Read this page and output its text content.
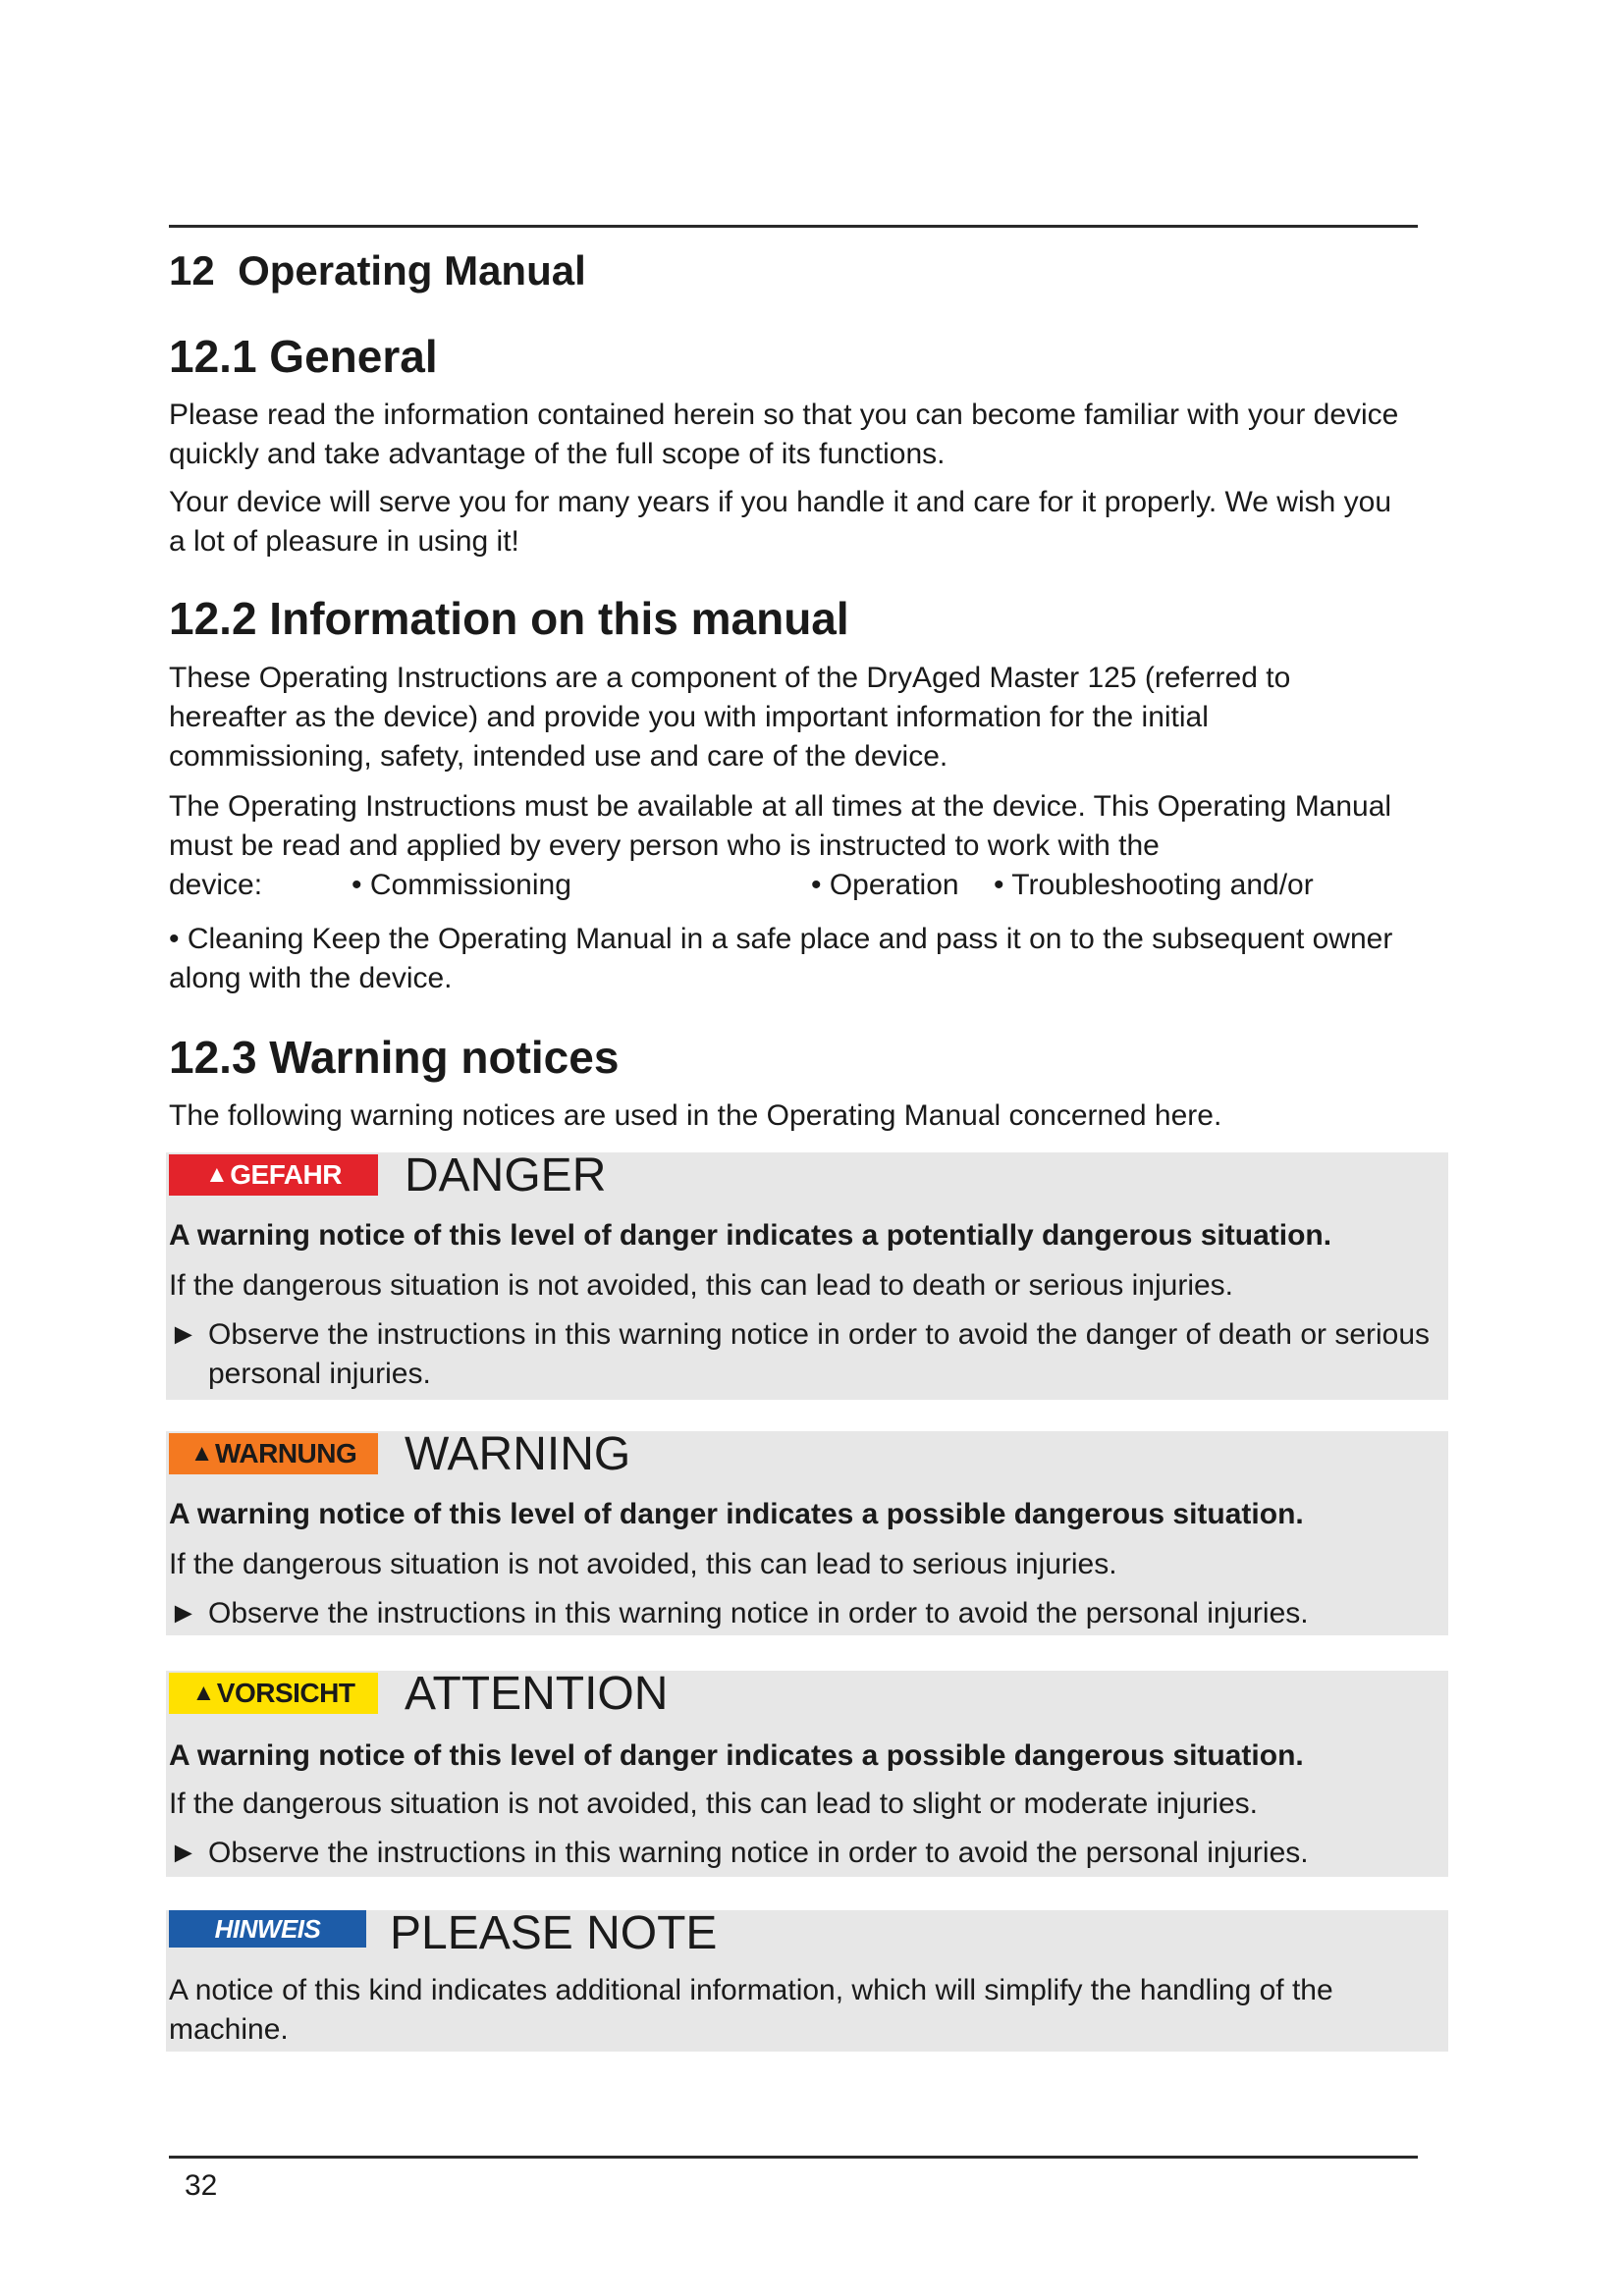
12 Operating Manual
12.1 General

Please read the information contained herein so that you can become familiar with your device quickly and take advantage of the full scope of its functions.

Your device will serve you for many years if you handle it and care for it properly. We wish you a lot of pleasure in using it!

12.2 Information on this manual

These Operating Instructions are a component of the DryAged Master 125 (referred to hereafter as the device) and provide you with important information for the initial commissioning, safety, intended use and care of the device.

The Operating Instructions must be available at all times at the device. This Operating Manual must be read and applied by every person who is instructed to work with the

device:	• Commissioning	• Operation • Troubleshooting and/or

• Cleaning Keep the Operating Manual in a safe place and pass it on to the subsequent owner along with the device.

12.3 Warning notices

The following warning notices are used in the Operating Manual concerned here.

▲ GEFAHR DANGER
A warning notice of this level of danger indicates a potentially dangerous situation.
If the dangerous situation is not avoided, this can lead to death or serious injuries.
► Observe the instructions in this warning notice in order to avoid the danger of death or serious personal injuries.
▲ WARNUNG WARNING
A warning notice of this level of danger indicates a possible dangerous situation.
If the dangerous situation is not avoided, this can lead to serious injuries.
► Observe the instructions in this warning notice in order to avoid the personal injuries.
▲ VORSICHT ATTENTION
A warning notice of this level of danger indicates a possible dangerous situation.
If the dangerous situation is not avoided, this can lead to slight or moderate injuries.
► Observe the instructions in this warning notice in order to avoid the personal injuries.
HINWEIS	PLEASE NOTE
A notice of this kind indicates additional information, which will simplify the handling of the machine.
32
